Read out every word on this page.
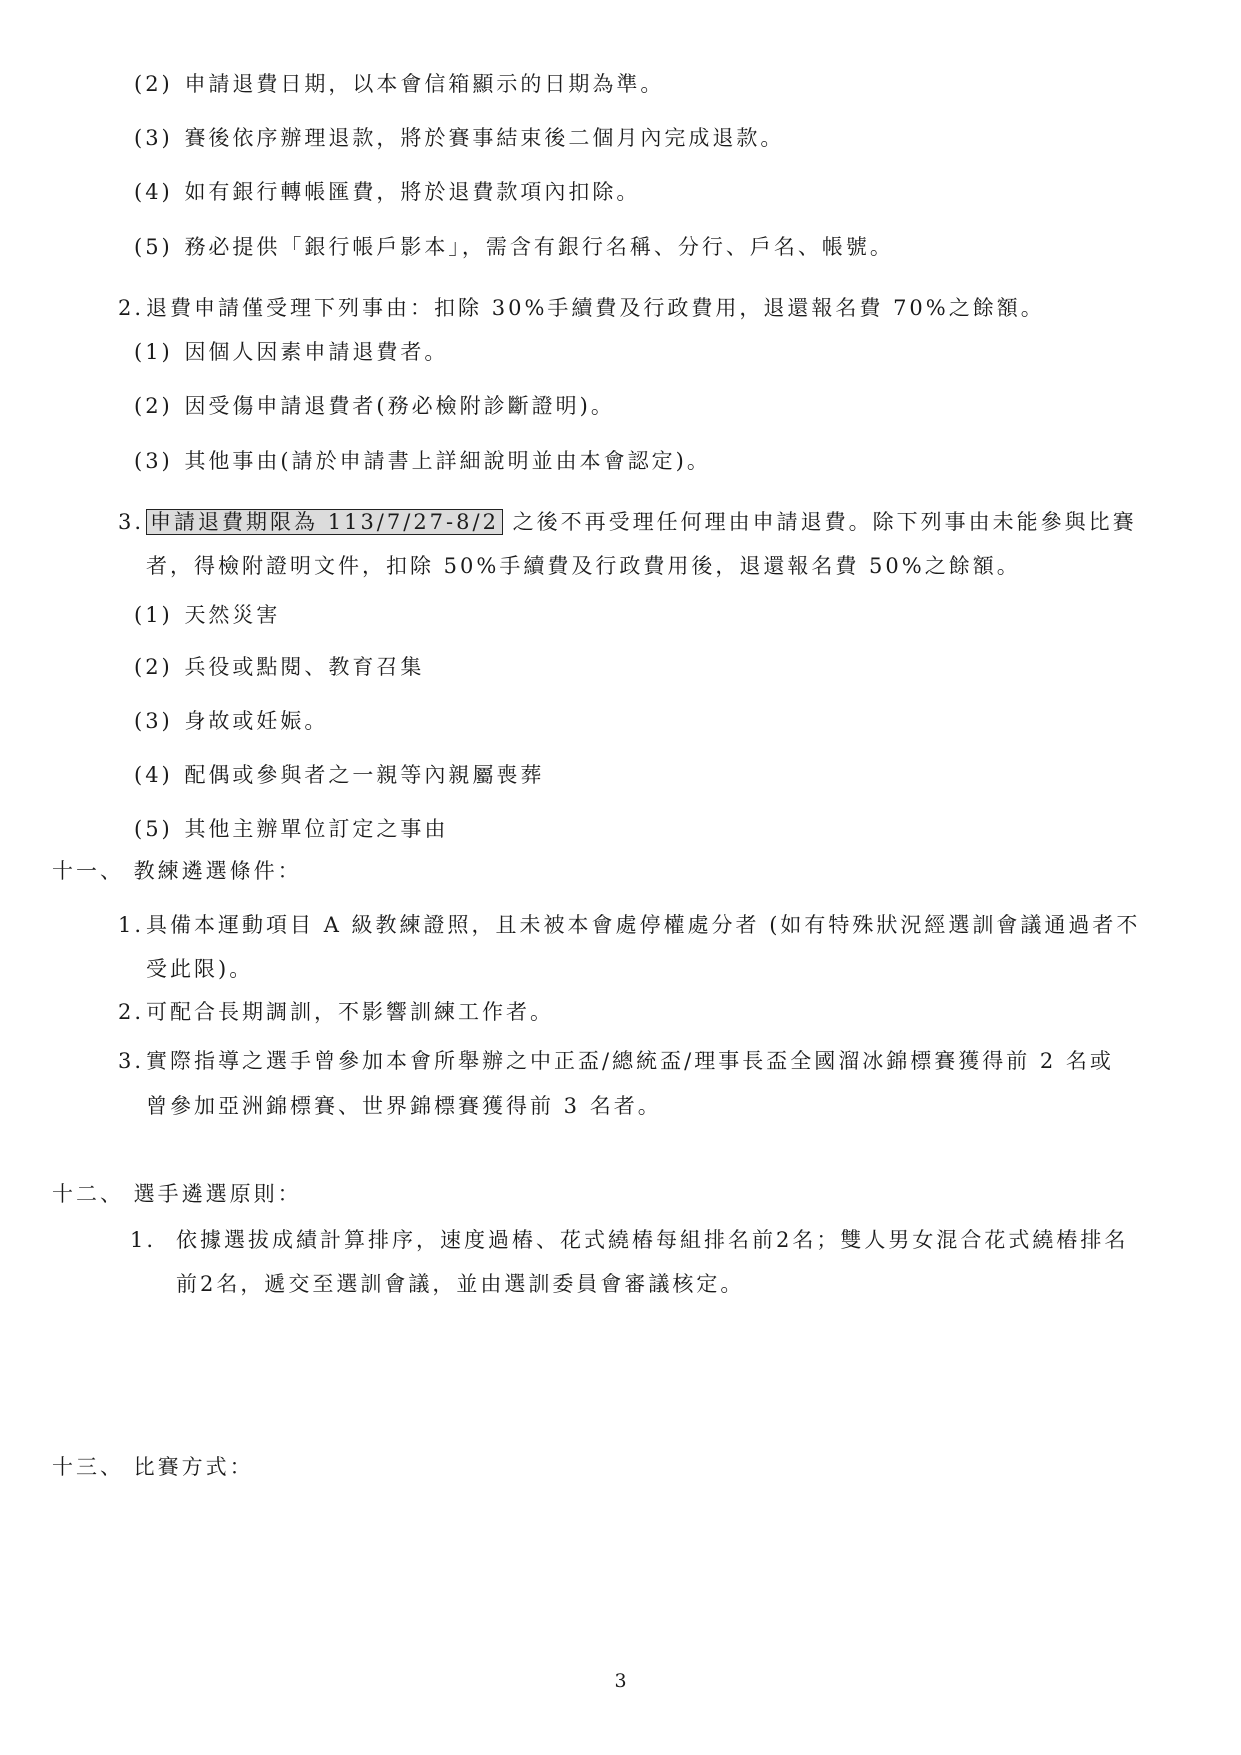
(2) 申請退費日期，以本會信箱顯示的日期為準。
(3) 賽後依序辦理退款，將於賽事結束後二個月內完成退款。
(4) 如有銀行轉帳匯費，將於退費款項內扣除。
(5) 務必提供「銀行帳戶影本」，需含有銀行名稱、分行、戶名、帳號。
2.退費申請僅受理下列事由：扣除 30%手續費及行政費用，退還報名費 70%之餘額。
(1) 因個人因素申請退費者。
(2) 因受傷申請退費者(務必檢附診斷證明)。
(3) 其他事由(請於申請書上詳細說明並由本會認定)。
3. 申請退費期限為 113/7/27-8/2 之後不再受理任何理由申請退費。除下列事由未能參與比賽
者，得檢附證明文件，扣除 50%手續費及行政費用後，退還報名費 50%之餘額。
(1) 天然災害
(2) 兵役或點閱、教育召集
(3) 身故或妊娠。
(4) 配偶或參與者之一親等內親屬喪葬
(5) 其他主辦單位訂定之事由
十一、 教練遴選條件：
1.具備本運動項目 A 級教練證照，且未被本會處停權處分者 (如有特殊狀況經選訓會議通過者不
受此限)。
2.可配合長期調訓，不影響訓練工作者。
3.實際指導之選手曾參加本會所舉辦之中正盃/總統盃/理事長盃全國溜冰錦標賽獲得前 2 名或
曾參加亞洲錦標賽、世界錦標賽獲得前 3 名者。
十二、 選手遴選原則：
1. 依據選拔成績計算排序，速度過樁、花式繞樁每組排名前2名；雙人男女混合花式繞樁排名
前2名，遞交至選訓會議，並由選訓委員會審議核定。
十三、 比賽方式：
3
